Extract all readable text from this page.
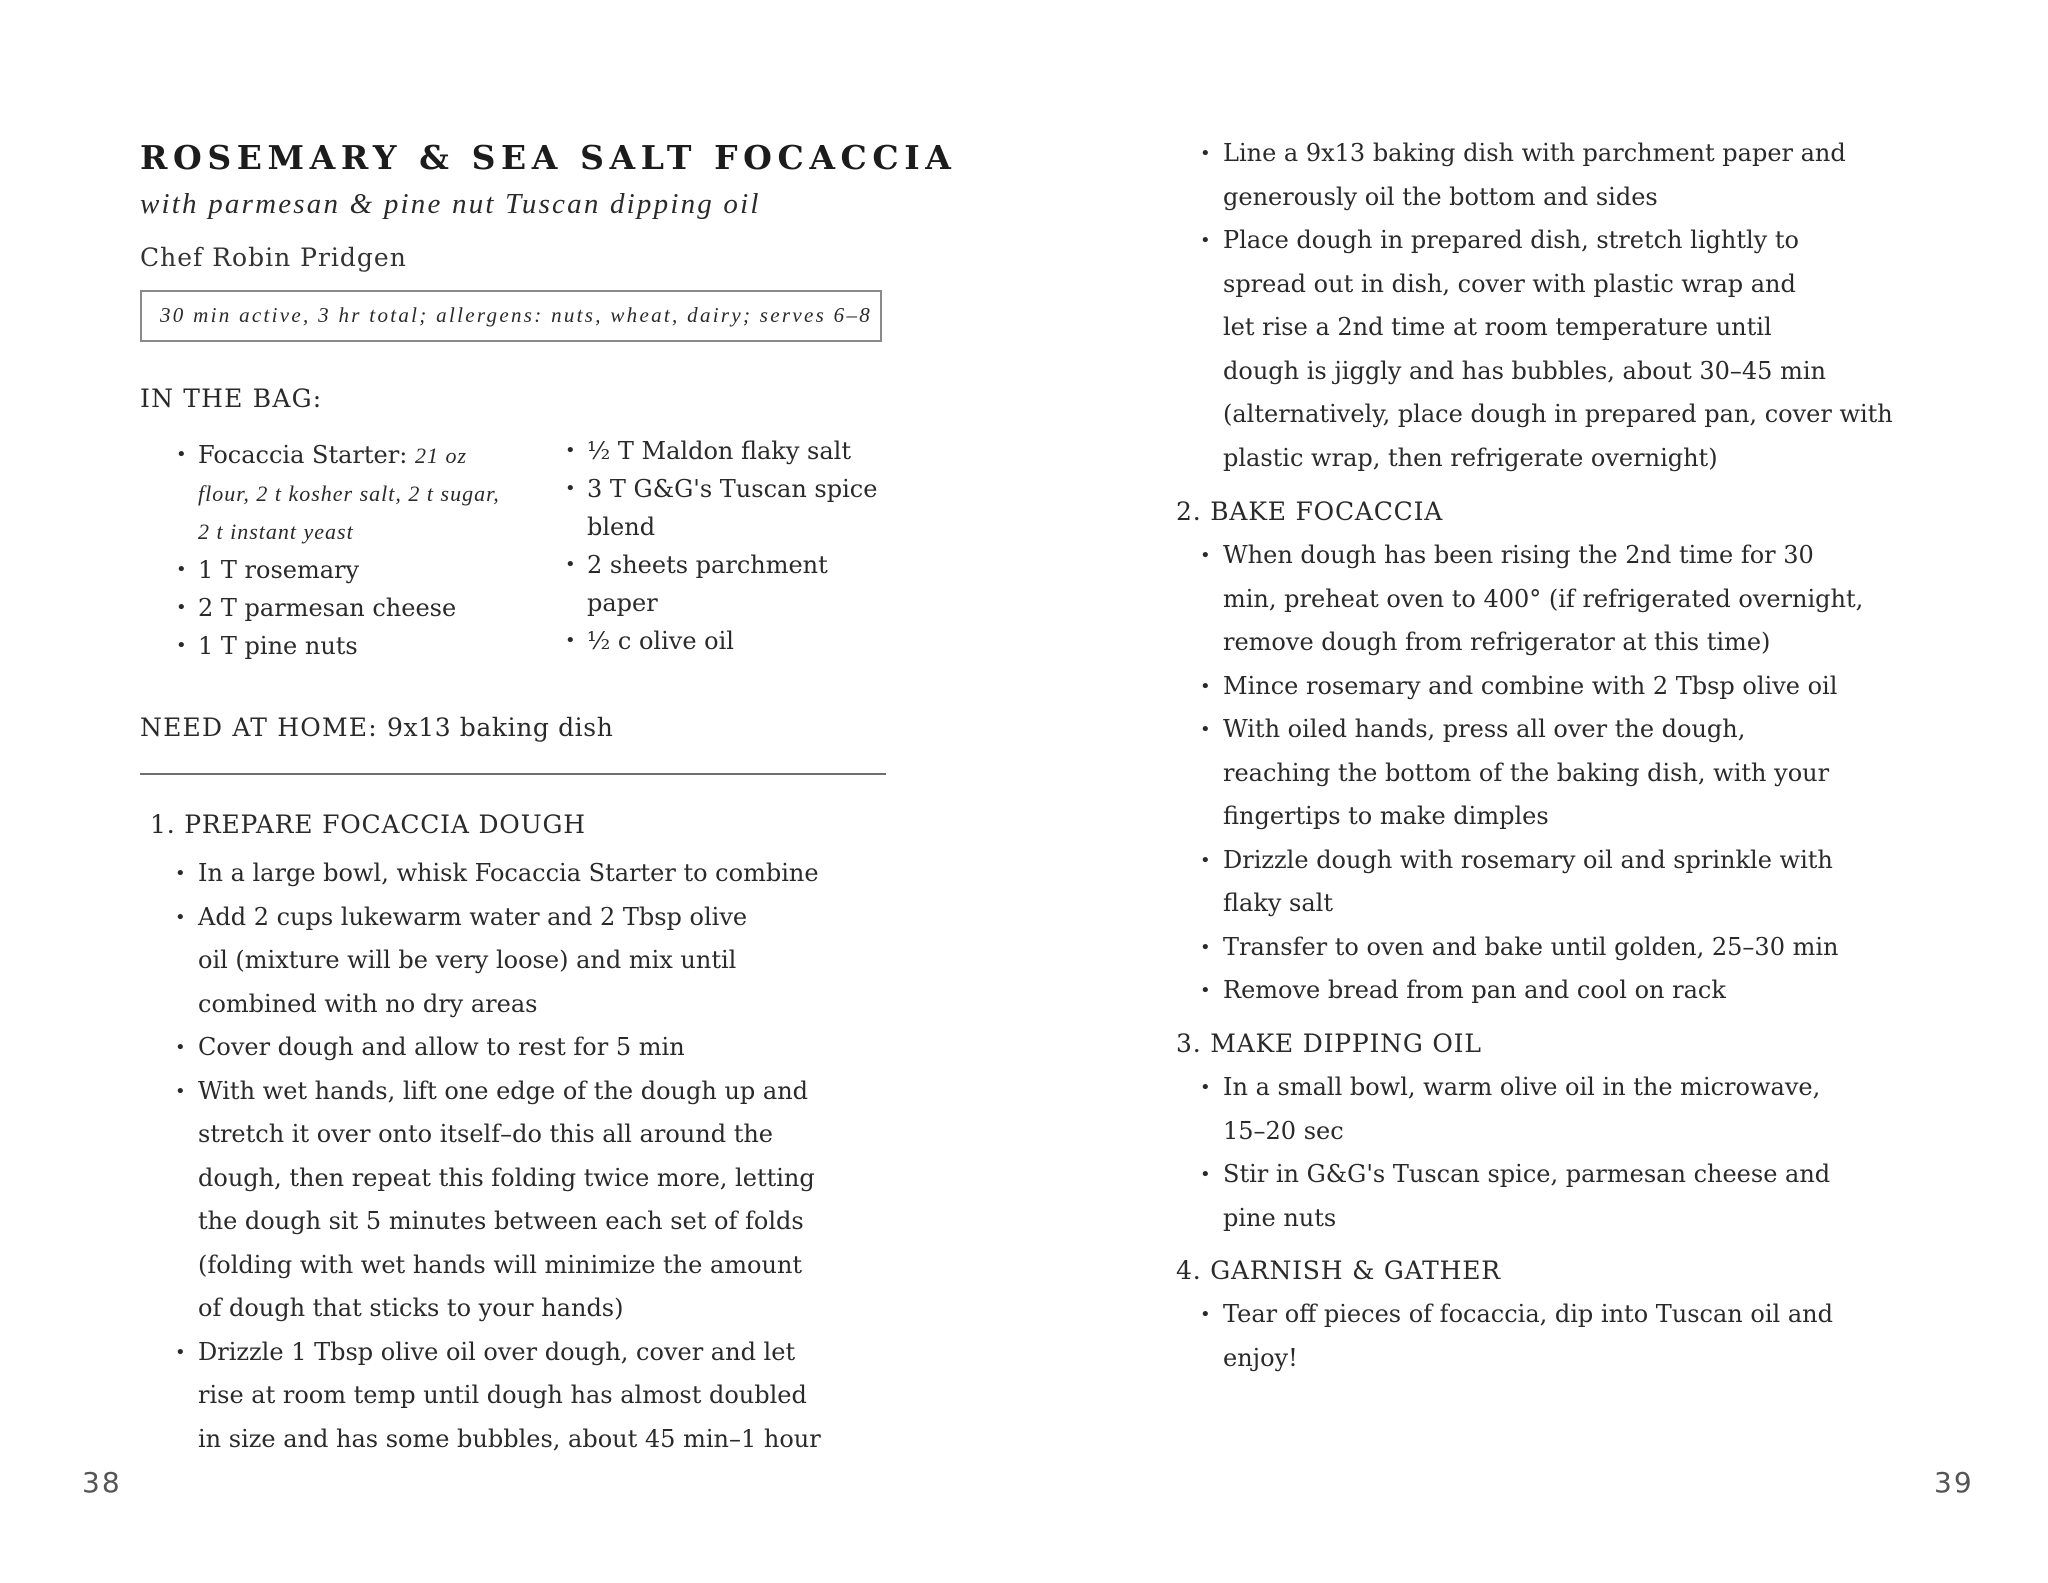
ROSEMARY & SEA SALT FOCACCIA
with parmesan & pine nut Tuscan dipping oil
Chef Robin Pridgen
30 min active, 3 hr total; allergens: nuts, wheat, dairy; serves 6–8
IN THE BAG:
• Focaccia Starter: 21 oz
flour, 2 t kosher salt, 2 t sugar,
2 t instant yeast
• 1 T rosemary
• 2 T parmesan cheese
• 1 T pine nuts
• ½ T Maldon flaky salt
• 3 T G&G's Tuscan spice
blend
• 2 sheets parchment
paper
• ½ c olive oil
NEED AT HOME: 9x13 baking dish
1. PREPARE FOCACCIA DOUGH
• In a large bowl, whisk Focaccia Starter to combine
• Add 2 cups lukewarm water and 2 Tbsp olive
oil (mixture will be very loose) and mix until
combined with no dry areas
• Cover dough and allow to rest for 5 min
• With wet hands, lift one edge of the dough up and
stretch it over onto itself–do this all around the
dough, then repeat this folding twice more, letting
the dough sit 5 minutes between each set of folds
(folding with wet hands will minimize the amount
of dough that sticks to your hands)
• Drizzle 1 Tbsp olive oil over dough, cover and let
rise at room temp until dough has almost doubled
in size and has some bubbles, about 45 min–1 hour
38
• Line a 9x13 baking dish with parchment paper and
generously oil the bottom and sides
• Place dough in prepared dish, stretch lightly to
spread out in dish, cover with plastic wrap and
let rise a 2nd time at room temperature until
dough is jiggly and has bubbles, about 30–45 min
(alternatively, place dough in prepared pan, cover with
plastic wrap, then refrigerate overnight)
2. BAKE FOCACCIA
• When dough has been rising the 2nd time for 30
min, preheat oven to 400° (if refrigerated overnight,
remove dough from refrigerator at this time)
• Mince rosemary and combine with 2 Tbsp olive oil
• With oiled hands, press all over the dough,
reaching the bottom of the baking dish, with your
fingertips to make dimples
• Drizzle dough with rosemary oil and sprinkle with
flaky salt
• Transfer to oven and bake until golden, 25–30 min
• Remove bread from pan and cool on rack
3. MAKE DIPPING OIL
• In a small bowl, warm olive oil in the microwave,
15–20 sec
• Stir in G&G's Tuscan spice, parmesan cheese and
pine nuts
4. GARNISH & GATHER
• Tear off pieces of focaccia, dip into Tuscan oil and
enjoy!
39
